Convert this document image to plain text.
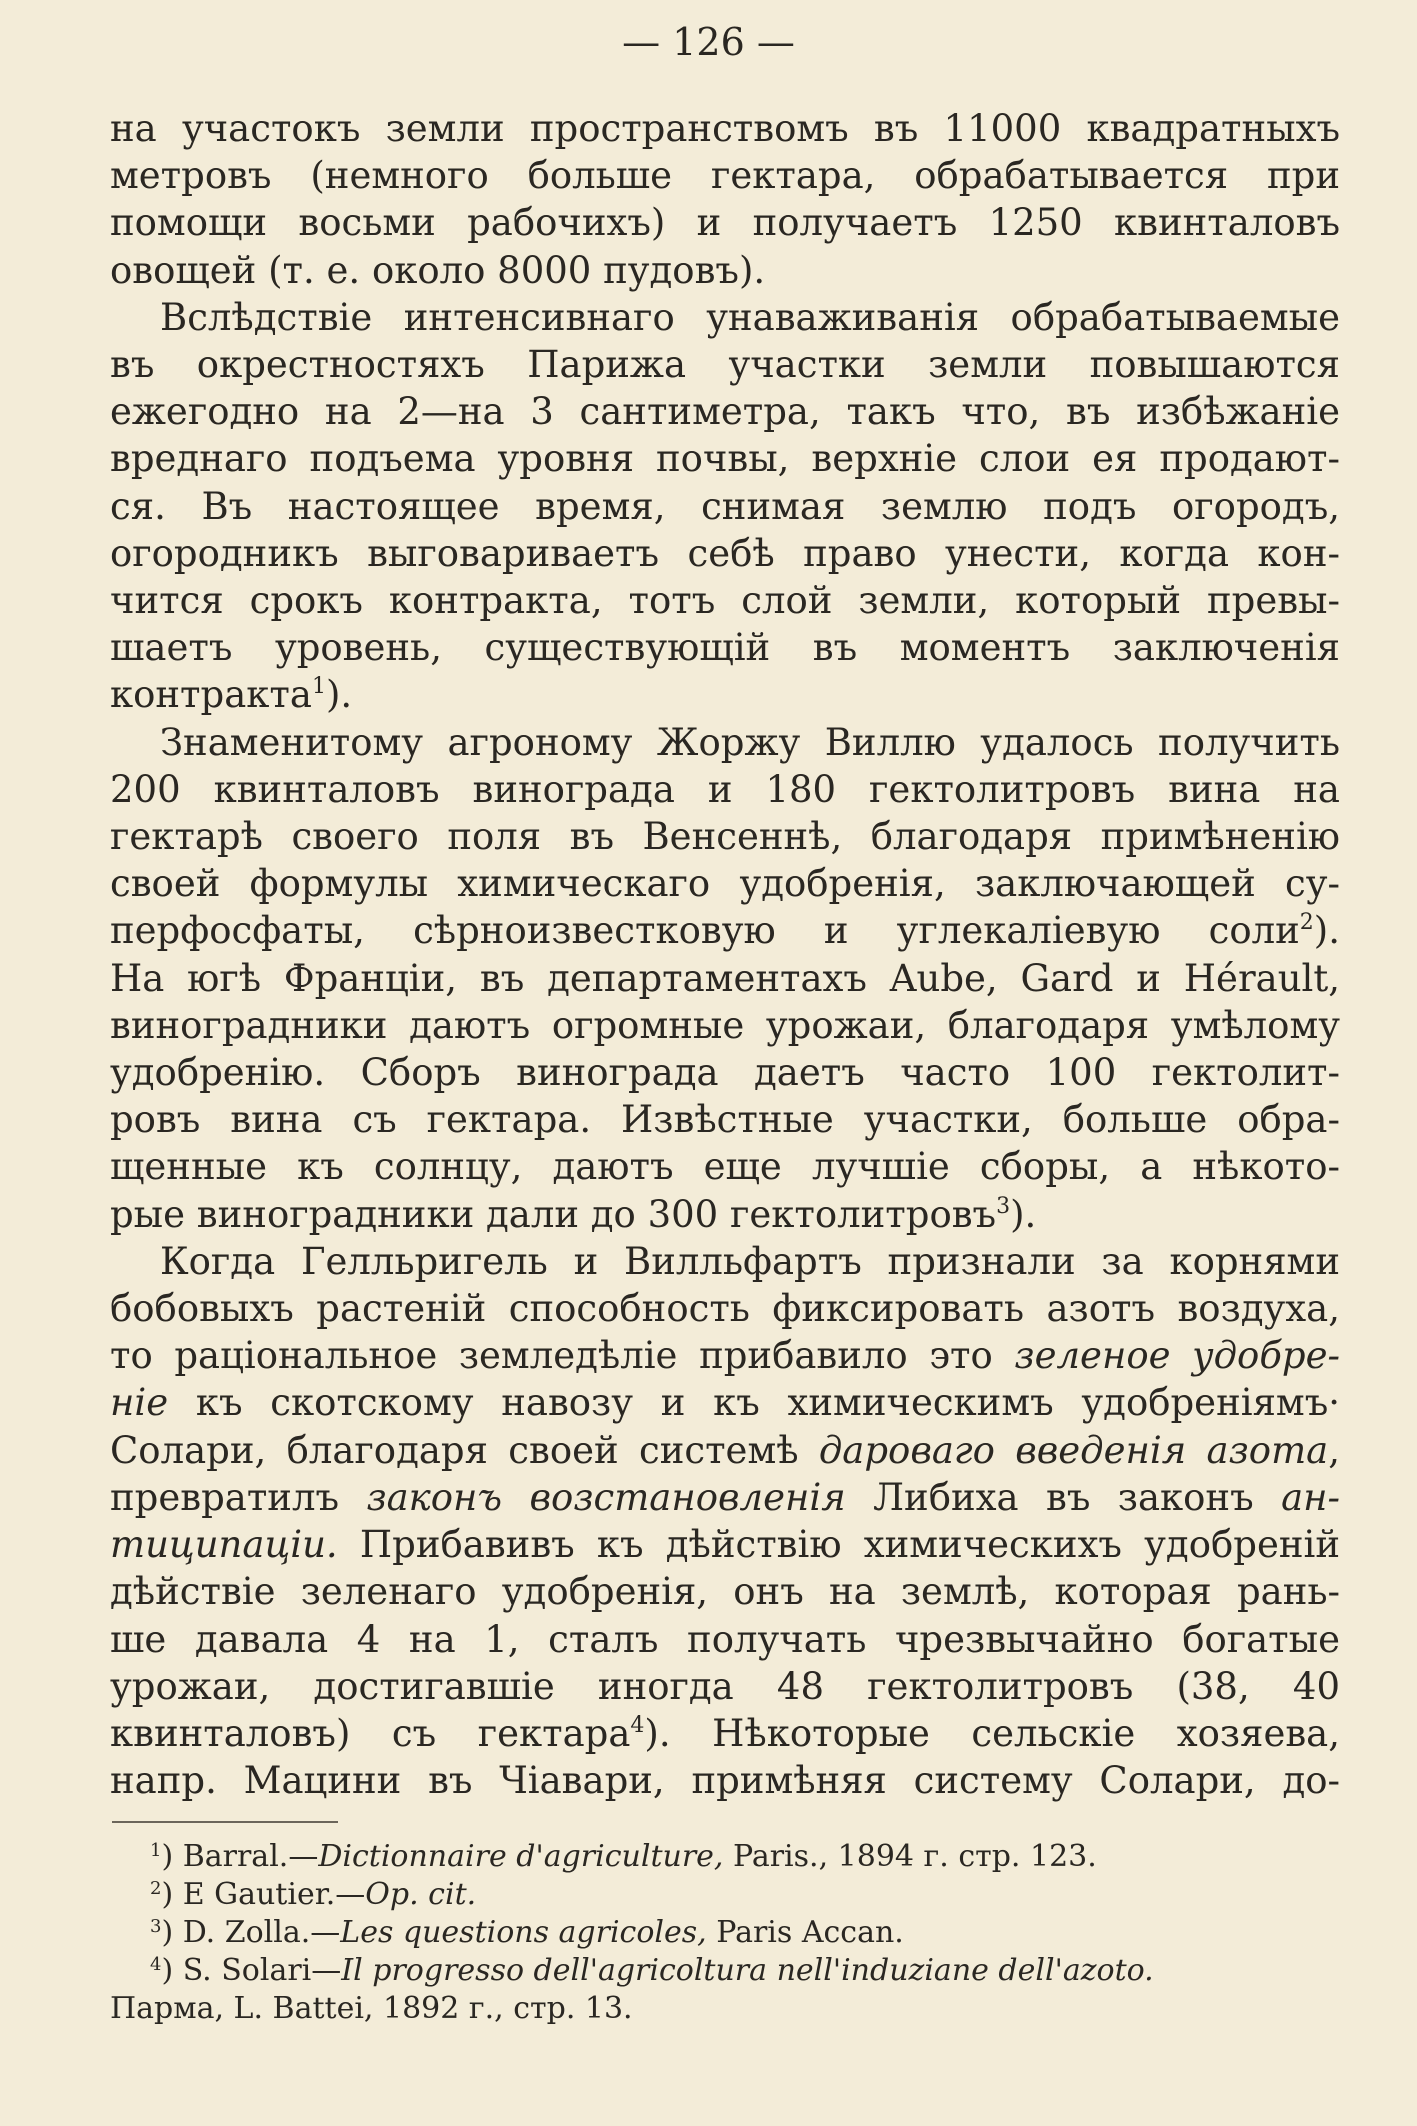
— 126 —
на участокъ земли пространствомъ въ 11000 квадратныхъ
метровъ (немного больше гектара, обрабатывается при
помощи восьми рабочихъ) и получаетъ 1250 квинталовъ
овощей (т. е. около 8000 пудовъ).
Вслѣдствіе интенсивнаго унаваживанія обрабатываемые
въ окрестностяхъ Парижа участки земли повышаются
ежегодно на 2—на 3 сантиметра, такъ что, въ избѣжаніе
вреднаго подъема уровня почвы, верхніе слои ея продают-
ся. Въ настоящее время, снимая землю подъ огородъ,
огородникъ выговариваетъ себѣ право унести, когда кон-
чится срокъ контракта, тотъ слой земли, который превы-
шаетъ уровень, существующій въ моментъ заключенія
контракта$^1$).
Знаменитому агроному Жоржу Виллю удалось получить
200 квинталовъ винограда и 180 гектолитровъ вина на
гектарѣ своего поля въ Венсеннѣ, благодаря примѣненію
своей формулы химическаго удобренія, заключающей су-
перфосфаты, сѣрноизвестковую и углекаліевую соли$^2$).
На югѣ Франціи, въ департаментахъ Aube, Gard и Hérault,
виноградники даютъ огромные урожаи, благодаря умѣлому
удобренію. Сборъ винограда даетъ часто 100 гектолит-
ровъ вина съ гектара. Извѣстные участки, больше обра-
щенные къ солнцу, даютъ еще лучшіе сборы, а нѣкото-
рые виноградники дали до 300 гектолитровъ$^3$).
Когда Гелльригель и Вилльфартъ признали за корнями
бобовыхъ растеній способность фиксировать азотъ воздуха,
то раціональное земледѣліе прибавило это зеленое удобре-
ніе къ скотскому навозу и къ химическимъ удобреніямъ·
Солари, благодаря своей системѣ дароваго введенія азота,
превратилъ законъ возстановленія Либиха въ законъ ан-
тиципаціи. Прибавивъ къ дѣйствію химическихъ удобреній
дѣйствіе зеленаго удобренія, онъ на землѣ, которая рань-
ше давала 4 на 1, сталъ получать чрезвычайно богатые
урожаи, достигавшіе иногда 48 гектолитровъ (38, 40
квинталовъ) съ гектара$^4$). Нѣкоторые сельскіе хозяева,
напр. Мацини въ Чіавари, примѣняя систему Солари, до-
$^1$) Barral.—Dictionnaire d'agriculture, Paris., 1894 г. стр. 123.
$^2$) E Gautier.—Op. cit.
$^3$) D. Zolla.—Les questions agricoles, Paris Accan.
$^4$) S. Solari—Il progresso dell'agricoltura nell'induziane dell'azoto.
Парма, L. Battei, 1892 г., стр. 13.
